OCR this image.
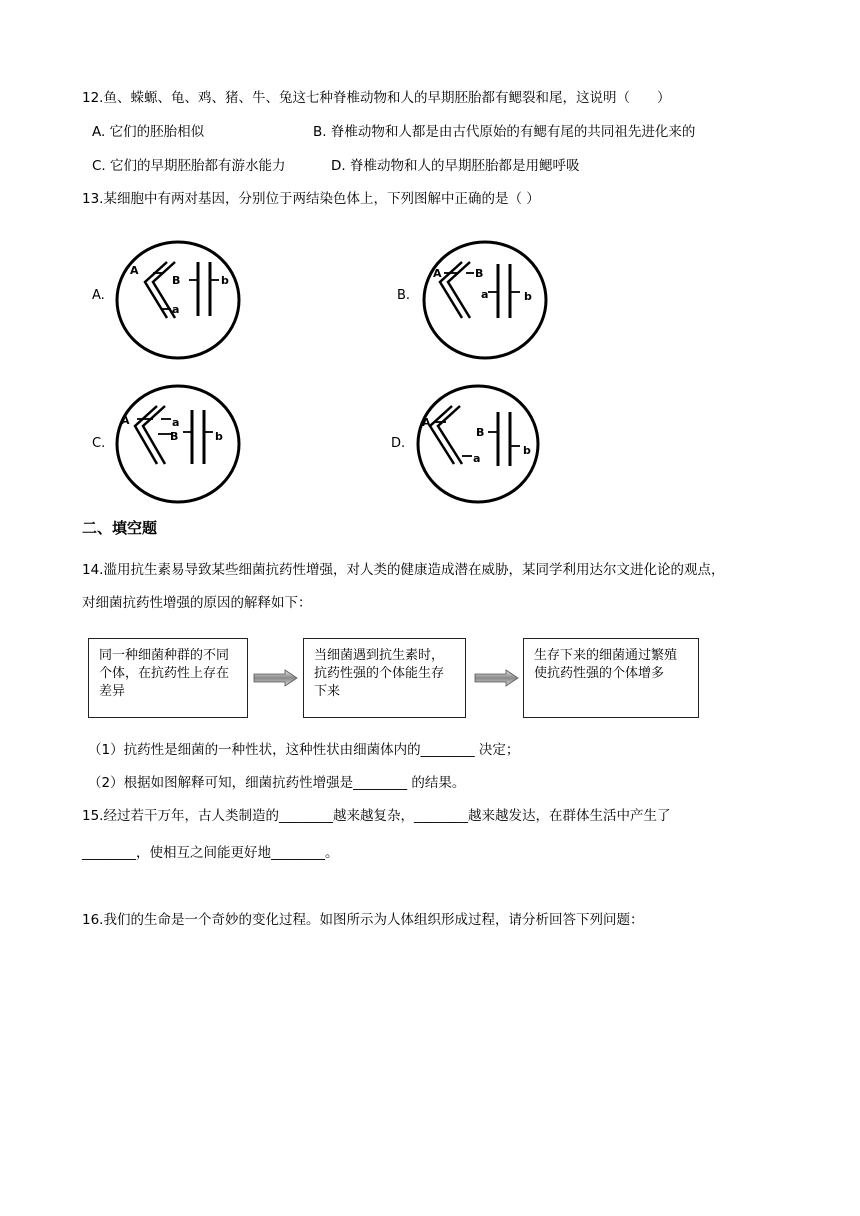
12.鱼、蝾螈、龟、鸡、猪、牛、兔这七种脊椎动物和人的早期胚胎都有鳃裂和尾，这说明（　　）
A. 它们的胚胎相似	B. 脊椎动物和人都是由古代原始的有鳃有尾的共同祖先进化来的
C. 它们的早期胚胎都有游水能力	D. 脊椎动物和人的早期胚胎都是用鳃呼吸
13.某细胞中有两对基因，分别位于两结染色体上，下列图解中正确的是（ ）
A.
A
a
B	b
B.
A	B
a	b
C.
A	a
B	b	D.
A
a
B
b
二、填空题
14.滥用抗生素易导致某些细菌抗药性增强，对人类的健康造成潜在威胁，某同学利用达尔文进化论的观点，
对细菌抗药性增强的原因的解释如下：
同一种细菌种群的不同个体，在抗药性上存在差异
当细菌遇到抗生素时，抗药性强的个体能生存下来
生存下来的细菌通过繁殖使抗药性强的个体增多
（1）抗药性是细菌的一种性状，这种性状由细菌体内的________ 决定；
（2）根据如图解释可知，细菌抗药性增强是________ 的结果。
15.经过若干万年，古人类制造的________越来越复杂，________越来越发达，在群体生活中产生了
________，使相互之间能更好地________。
16.我们的生命是一个奇妙的变化过程。如图所示为人体组织形成过程，请分析回答下列问题：
